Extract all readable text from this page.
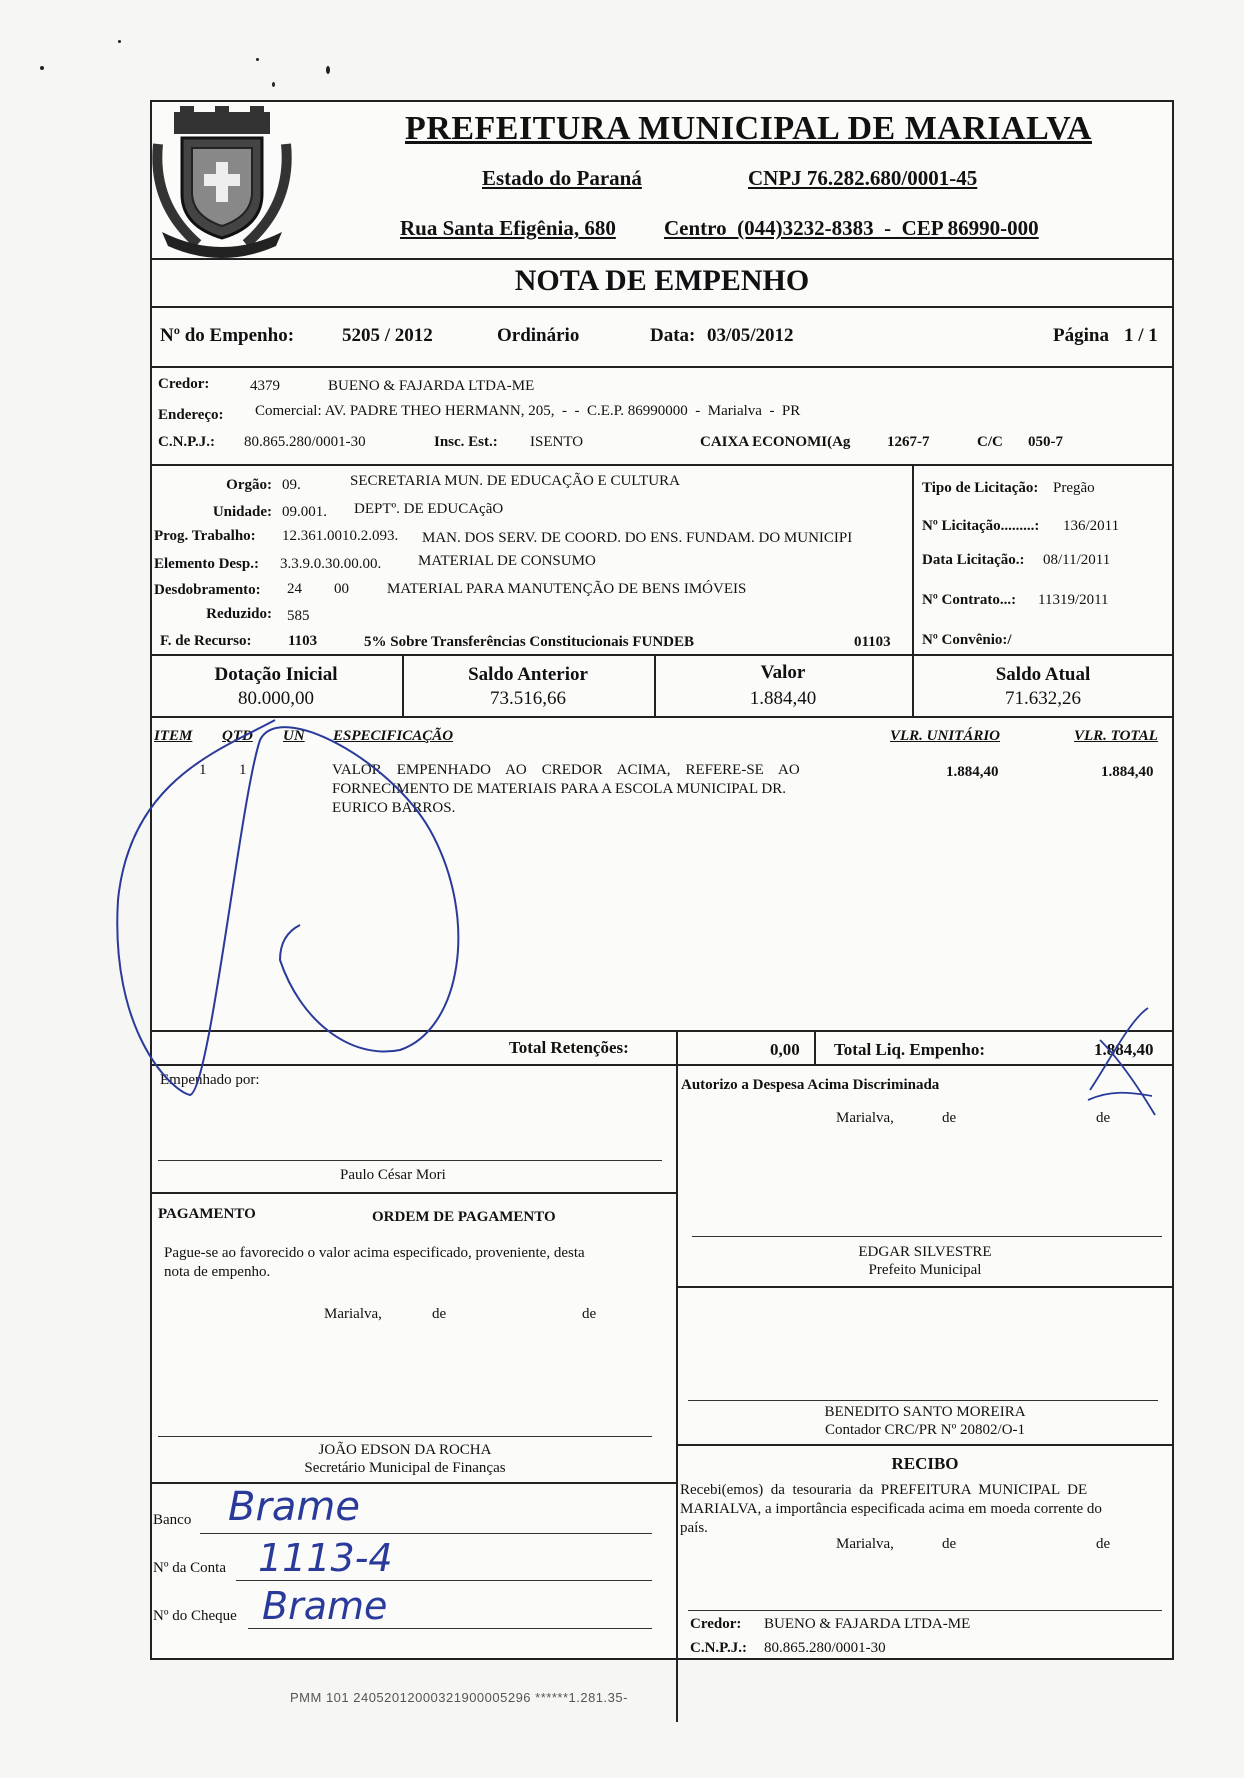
PREFEITURA MUNICIPAL DE MARIALVA
Estado do Paraná	CNPJ 76.282.680/0001-45
Rua Santa Efigênia, 680 Centro  (044)3232-8383  -  CEP 86990-000
NOTA DE EMPENHO
Nº do Empenho:	5205 / 2012	Ordinário	Data: 03/05/2012	Página 1 / 1
Credor:	4379	BUENO & FAJARDA LTDA-ME
Endereço: Comercial: AV. PADRE THEO HERMANN, 205,  -  -  C.E.P. 86990000  -  Marialva  -  PR
C.N.P.J.: 80.865.280/0001-30	Insc. Est.: ISENTO	CAIXA ECONOMI(Ag 1267-7	C/C 050-7
Orgão: 09.	SECRETARIA MUN. DE EDUCAÇÃO E CULTURA
Unidade: 09.001. DEPTº. DE EDUCAçãO
Prog. Trabalho: 12.361.0010.2.093. MAN. DOS SERV. DE COORD. DO ENS. FUNDAM. DO MUNICIPI
Elemento Desp.: 3.3.9.0.30.00.00. MATERIAL DE CONSUMO
Desdobramento: 24 00	MATERIAL PARA MANUTENÇÃO DE BENS IMÓVEIS
Reduzido: 585
F. de Recurso: 1103	5% Sobre Transferências Constitucionais FUNDEB	01103
Tipo de Licitação: Pregão
Nº Licitação.........: 136/2011
Data Licitação.: 08/11/2011
Nº Contrato...: 11319/2011
Nº Convênio:/
Dotação Inicial
80.000,00
Saldo Anterior
73.516,66
Valor
1.884,40
Saldo Atual
71.632,26
ITEM QTD UN ESPECIFICAÇÃO	VLR. UNITÁRIO	VLR. TOTAL
1 1	VALOR    EMPENHADO    AO    CREDOR    ACIMA,    REFERE-SE    AO
FORNECIMENTO DE MATERIAIS PARA A ESCOLA MUNICIPAL DR.
EURICO BARROS.
1.884,40	1.884,40
Total Retenções:	0,00 Total Liq. Empenho:	1.884,40
Empenhado por:
Paulo César Mori
PAGAMENTO	ORDEM DE PAGAMENTO
Pague-se ao favorecido o valor acima especificado, proveniente, desta
nota de empenho.
Marialva,	de	de
JOÃO EDSON DA ROCHA
Secretário Municipal de Finanças
Banco Brame
Nº da Conta 1113-4
Nº do Cheque Brame
Autorizo a Despesa Acima Discriminada
Marialva,	de	de
EDGAR SILVESTRE
Prefeito Municipal
BENEDITO SANTO MOREIRA
Contador CRC/PR Nº 20802/O-1
RECIBO
Recebi(emos)  da  tesouraria  da  PREFEITURA  MUNICIPAL  DE
MARIALVA, a importância especificada acima em moeda corrente do
país.
Marialva,	de	de
Credor: BUENO & FAJARDA LTDA-ME
C.N.P.J.: 80.865.280/0001-30
PMM 101 24052012000321900005296 ******1.281.35-
